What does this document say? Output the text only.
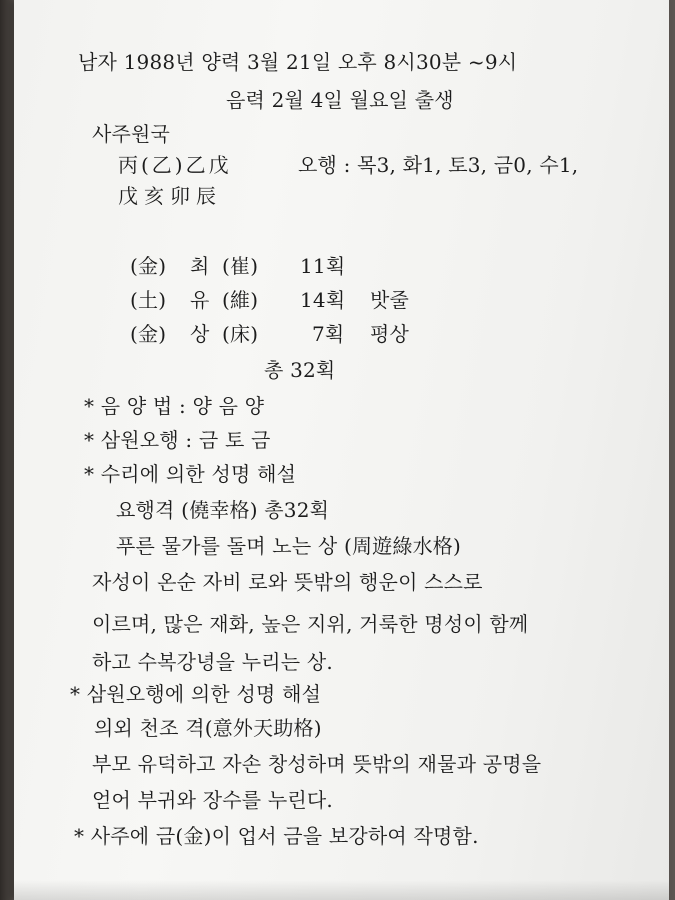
남자 1988년 양력 3월 21일 오후 8시30분 ~9시
음력 2월 4일 월요일 출생
사주원국
丙(乙)乙戊	오행 : 목3, 화1, 토3, 금0, 수1,
戊亥卯辰
(金) 최 (崔) 11획
(土) 유 (維) 14획 밧줄
(金) 상 (床)	7획 평상
총 32획
* 음 양 법 : 양 음 양
* 삼원오행 : 금 토 금
* 수리에 의한 성명 해설
요행격 (僥幸格) 총32획
푸른 물가를 돌며 노는 상 (周遊綠水格)
자성이 온순 자비 로와 뜻밖의 행운이 스스로
이르며, 많은 재화, 높은 지위, 거룩한 명성이 함께
하고 수복강녕을 누리는 상.
* 삼원오행에 의한 성명 해설
의외 천조 격(意外天助格)
부모 유덕하고 자손 창성하며 뜻밖의 재물과 공명을
얻어 부귀와 장수를 누린다.
* 사주에 금(金)이 업서 금을 보강하여 작명함.
